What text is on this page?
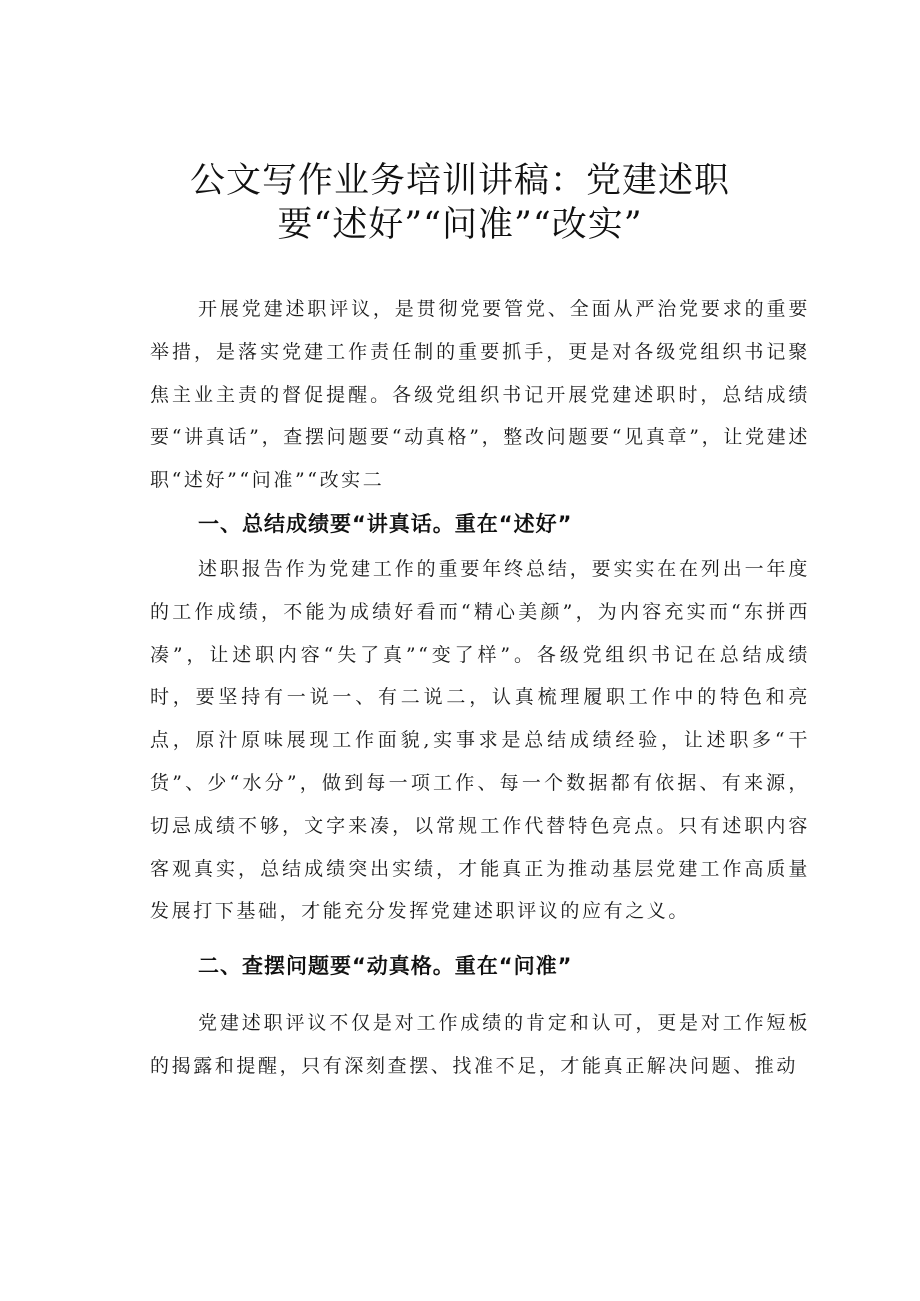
公文写作业务培训讲稿：党建述职
要“述好”“问准”“改实”

开展党建述职评议，是贯彻党要管党、全面从严治党要求的重要举措，是落实党建工作责任制的重要抓手，更是对各级党组织书记聚焦主业主责的督促提醒。各级党组织书记开展党建述职时，总结成绩要“讲真话”，查摆问题要“动真格”，整改问题要“见真章”，让党建述职“述好”“问准”“改实二

一、总结成绩要“讲真话。重在“述好”

述职报告作为党建工作的重要年终总结，要实实在在列出一年度的工作成绩，不能为成绩好看而“精心美颜”，为内容充实而“东拼西凑”，让述职内容“失了真”“变了样”。各级党组织书记在总结成绩时，要坚持有一说一、有二说二，认真梳理履职工作中的特色和亮点，原汁原味展现工作面貌,实事求是总结成绩经验，让述职多“干货”、少“水分”，做到每一项工作、每一个数据都有依据、有来源，切忌成绩不够，文字来凑，以常规工作代替特色亮点。只有述职内容客观真实，总结成绩突出实绩，才能真正为推动基层党建工作高质量发展打下基础，才能充分发挥党建述职评议的应有之义。

二、查摆问题要“动真格。重在“问准”

党建述职评议不仅是对工作成绩的肯定和认可，更是对工作短板的揭露和提醒，只有深刻查摆、找准不足，才能真正解决问题、推动
